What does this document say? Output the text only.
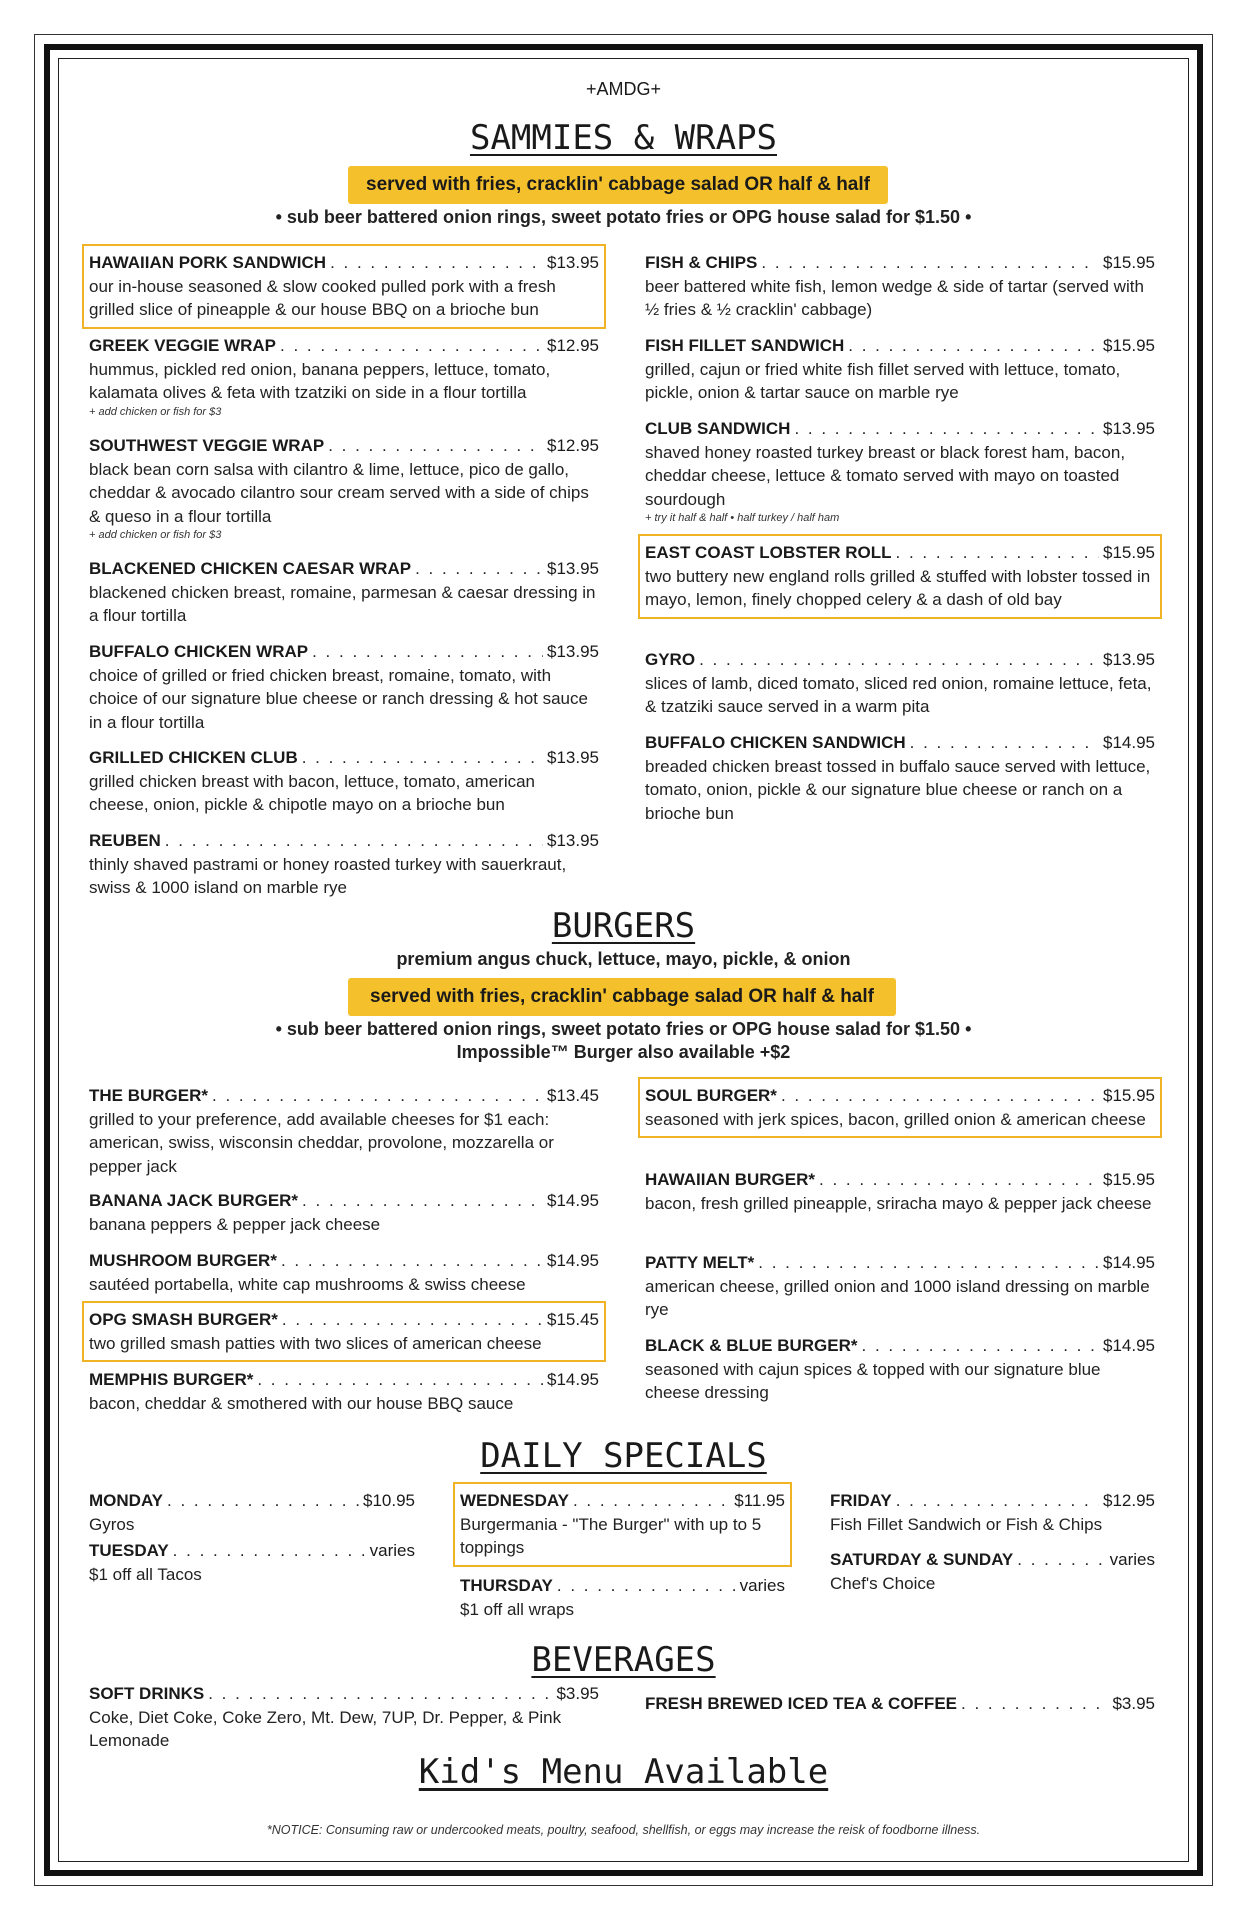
+AMDG+
SAMMIES & WRAPS
served with fries, cracklin' cabbage salad OR half & half
• sub beer battered onion rings, sweet potato fries or OPG house salad for $1.50 •
HAWAIIAN PORK SANDWICH . . .	$13.95
our in-house seasoned & slow cooked pulled pork with a fresh grilled slice of pineapple & our house BBQ on a brioche bun
GREEK VEGGIE WRAP . . .	$12.95
hummus, pickled red onion, banana peppers, lettuce, tomato, kalamata olives & feta with tzatziki on side in a flour tortilla
+ add chicken or fish for $3
SOUTHWEST VEGGIE WRAP . . .	$12.95
black bean corn salsa with cilantro & lime, lettuce, pico de gallo, cheddar & avocado cilantro sour cream served with a side of chips & queso in a flour tortilla
+ add chicken or fish for $3
BLACKENED CHICKEN CAESAR WRAP . . .	$13.95
blackened chicken breast, romaine, parmesan & caesar dressing in a flour tortilla
BUFFALO CHICKEN WRAP . . .	$13.95
choice of grilled or fried chicken breast, romaine, tomato, with choice of our signature blue cheese or ranch dressing & hot sauce in a flour tortilla
GRILLED CHICKEN CLUB . . .	$13.95
grilled chicken breast with bacon, lettuce, tomato, american cheese, onion, pickle & chipotle mayo on a brioche bun
REUBEN . . .	$13.95
thinly shaved pastrami or honey roasted turkey with sauerkraut, swiss & 1000 island on marble rye
FISH & CHIPS . . .	$15.95
beer battered white fish, lemon wedge & side of tartar (served with ½ fries & ½ cracklin' cabbage)
FISH FILLET SANDWICH . . .	$15.95
grilled, cajun or fried white fish fillet served with lettuce, tomato, pickle, onion & tartar sauce on marble rye
CLUB SANDWICH . . .	$13.95
shaved honey roasted turkey breast or black forest ham, bacon, cheddar cheese, lettuce & tomato served with mayo on toasted sourdough
+ try it half & half • half turkey / half ham
EAST COAST LOBSTER ROLL . . .	$15.95
two buttery new england rolls grilled & stuffed with lobster tossed in mayo, lemon, finely chopped celery & a dash of old bay
GYRO . . .	$13.95
slices of lamb, diced tomato, sliced red onion, romaine lettuce, feta, & tzatziki sauce served in a warm pita
BUFFALO CHICKEN SANDWICH . . .	$14.95
breaded chicken breast tossed in buffalo sauce served with lettuce, tomato, onion, pickle & our signature blue cheese or ranch on a brioche bun
BURGERS
premium angus chuck, lettuce, mayo, pickle, & onion
served with fries, cracklin' cabbage salad OR half & half
• sub beer battered onion rings, sweet potato fries or OPG house salad for $1.50 •
Impossible™ Burger also available +$2
THE BURGER* . . .	$13.45
grilled to your preference, add available cheeses for $1 each: american, swiss, wisconsin cheddar, provolone, mozzarella or pepper jack
BANANA JACK BURGER* . . .	$14.95
banana peppers & pepper jack cheese
MUSHROOM BURGER* . . .	$14.95
sautéed portabella, white cap mushrooms & swiss cheese
OPG SMASH BURGER* . . .	$15.45
two grilled smash patties with two slices of american cheese
MEMPHIS BURGER* . . .	$14.95
bacon, cheddar & smothered with our house BBQ sauce
SOUL BURGER* . . .	$15.95
seasoned with jerk spices, bacon, grilled onion & american cheese
HAWAIIAN BURGER* . . .	$15.95
bacon, fresh grilled pineapple, sriracha mayo & pepper jack cheese
PATTY MELT* . . .	$14.95
american cheese, grilled onion and 1000 island dressing on marble rye
BLACK & BLUE BURGER* . . .	$14.95
seasoned with cajun spices & topped with our signature blue cheese dressing
DAILY SPECIALS
MONDAY . . .	$10.95
Gyros
TUESDAY . . .	varies
$1 off all Tacos
WEDNESDAY . . .	$11.95
Burgermania - "The Burger" with up to 5 toppings
THURSDAY . . .	varies
$1 off all wraps
FRIDAY . . .	$12.95
Fish Fillet Sandwich or Fish & Chips
SATURDAY & SUNDAY . . .	varies
Chef's Choice
BEVERAGES
SOFT DRINKS . . .	$3.95
Coke, Diet Coke, Coke Zero, Mt. Dew, 7UP, Dr. Pepper, & Pink Lemonade
FRESH BREWED ICED TEA & COFFEE . . .	$3.95
Kid's Menu Available
*NOTICE: Consuming raw or undercooked meats, poultry, seafood, shellfish, or eggs may increase the reisk of foodborne illness.
